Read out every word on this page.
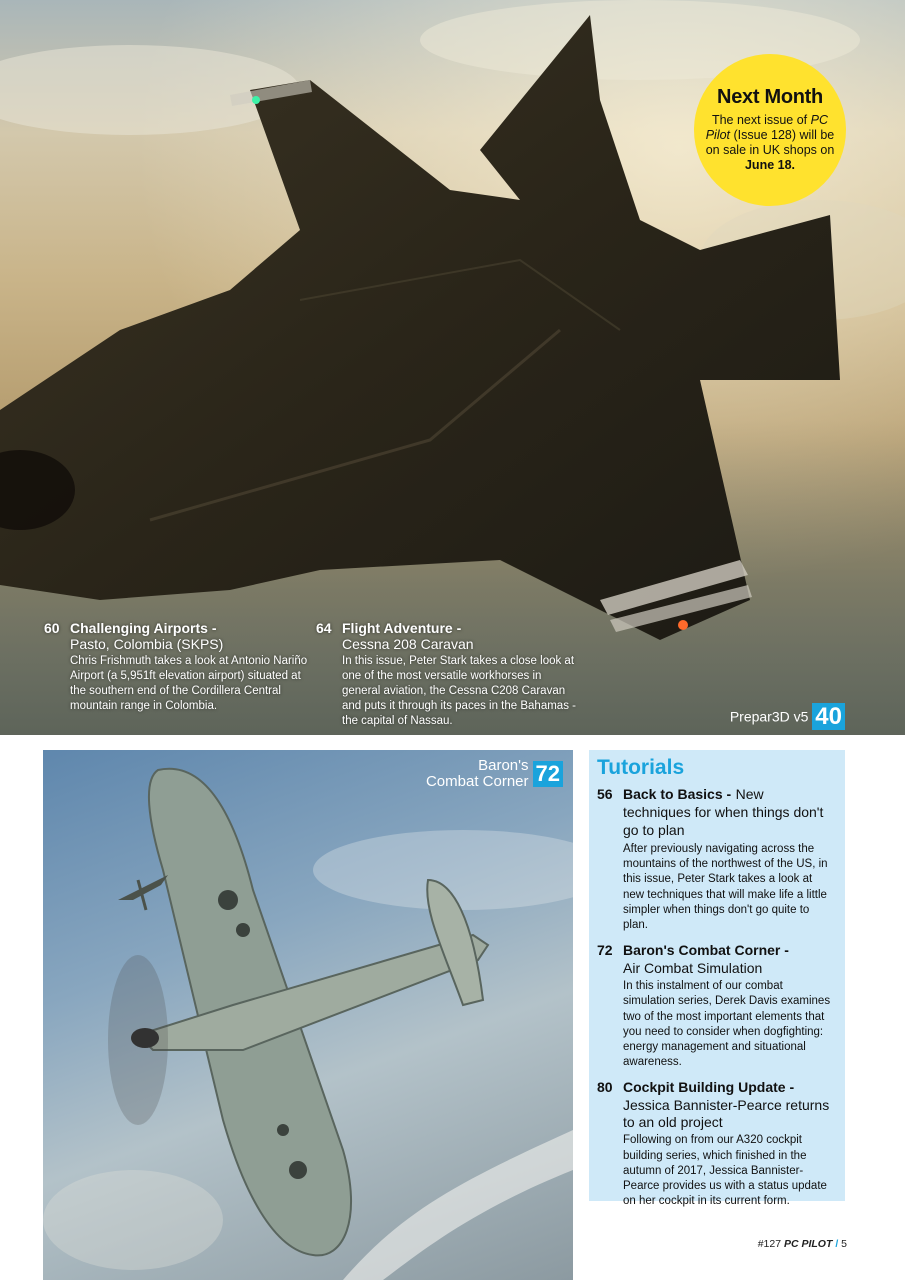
Next Month
The next issue of PC Pilot (Issue 128) will be on sale in UK shops on June 18.
60 Challenging Airports -
Pasto, Colombia (SKPS)
Chris Frishmuth takes a look at Antonio Nariño Airport (a 5,951ft elevation airport) situated at the southern end of the Cordillera Central mountain range in Colombia.
64 Flight Adventure -
Cessna 208 Caravan
In this issue, Peter Stark takes a close look at one of the most versatile workhorses in general aviation, the Cessna C208 Caravan and puts it through its paces in the Bahamas - the capital of Nassau.	Prepar3D v5 40
Baron's
Combat Corner 72 Tutorials
56 Back to Basics - New techniques for when things don't go to plan
After previously navigating across the mountains of the northwest of the US, in this issue, Peter Stark takes a look at new techniques that will make life a little simpler when things don't go quite to plan.
72 Baron's Combat Corner -
Air Combat Simulation
In this instalment of our combat simulation series, Derek Davis examines two of the most important elements that you need to consider when dogfighting: energy management and situational awareness.
80 Cockpit Building Update -
Jessica Bannister-Pearce returns to an old project
Following on from our A320 cockpit building series, which finished in the autumn of 2017, Jessica Bannister-Pearce provides us with a status update on her cockpit in its current form.
#127 PC PILOT / 5
